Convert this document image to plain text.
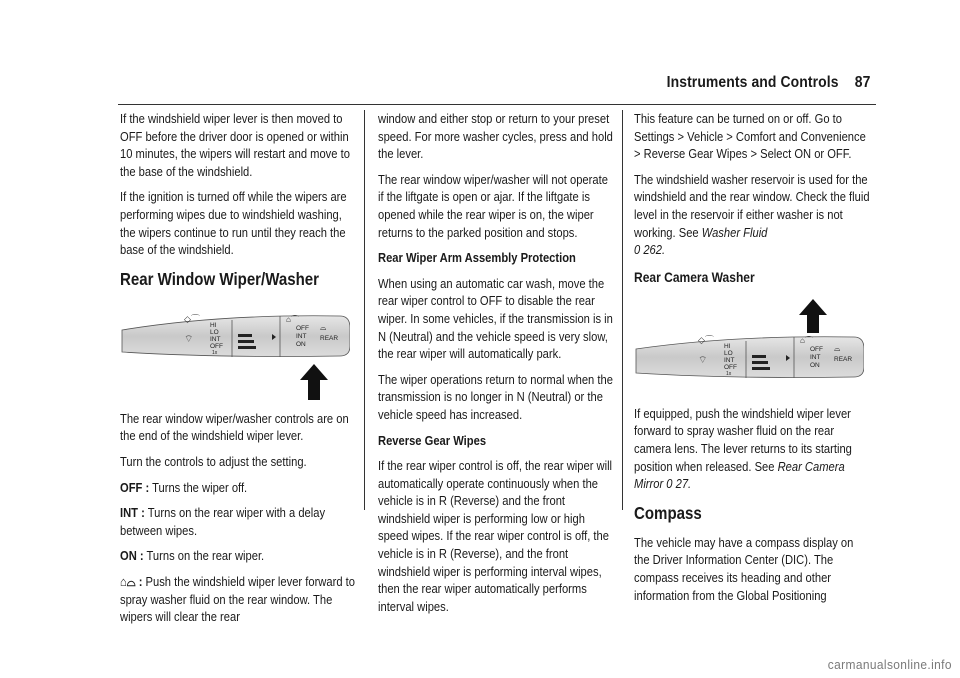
Instruments and Controls 87

If the windshield wiper lever is then moved to OFF before the driver door is opened or within 10 minutes, the wipers will restart and move to the base of the windshield.

If the ignition is turned off while the wipers are performing wipes due to windshield washing, the wipers continue to run until they reach the base of the windshield.

Rear Window Wiper/Washer
◇⌒
⌔
HI
LO
INT
OFF
1x
OFF
INT
ON
REAR
⌂⌒
⌓

The rear window wiper/washer controls are on the end of the windshield wiper lever.

Turn the controls to adjust the setting.

OFF : Turns the wiper off.

INT : Turns on the rear wiper with a delay between wipes.

ON : Turns on the rear wiper.

⌂⌓ : Push the windshield wiper lever forward to spray washer fluid on the rear window. The wipers will clear the rear

window and either stop or return to your preset speed. For more washer cycles, press and hold the lever.

The rear window wiper/washer will not operate if the liftgate is open or ajar. If the liftgate is opened while the rear wiper is on, the wiper returns to the parked position and stops.

Rear Wiper Arm Assembly Protection

When using an automatic car wash, move the rear wiper control to OFF to disable the rear wiper. In some vehicles, if the transmission is in N (Neutral) and the vehicle speed is very slow, the rear wiper will automatically park.

The wiper operations return to normal when the transmission is no longer in N (Neutral) or the vehicle speed has increased.

Reverse Gear Wipes

If the rear wiper control is off, the rear wiper will automatically operate continuously when the vehicle is in R (Reverse) and the front windshield wiper is performing low or high speed wipes. If the rear wiper control is off, the vehicle is in R (Reverse), and the front windshield wiper is performing interval wipes, then the rear wiper automatically performs interval wipes.

This feature can be turned on or off. Go to Settings > Vehicle > Comfort and Convenience > Reverse Gear Wipes > Select ON or OFF.

The windshield washer reservoir is used for the windshield and the rear window. Check the fluid level in the reservoir if either washer is not working. See Washer Fluid
0 262.

Rear Camera Washer
◇⌒
⌔
HI
LO
INT
OFF
1x
OFF
INT
ON
REAR
⌂⌒
⌓

If equipped, push the windshield wiper lever forward to spray washer fluid on the rear camera lens. The lever returns to its starting position when released. See Rear Camera Mirror 0 27.

Compass

The vehicle may have a compass display on the Driver Information Center (DIC). The compass receives its heading and other information from the Global Positioning

carmanualsonline.info
